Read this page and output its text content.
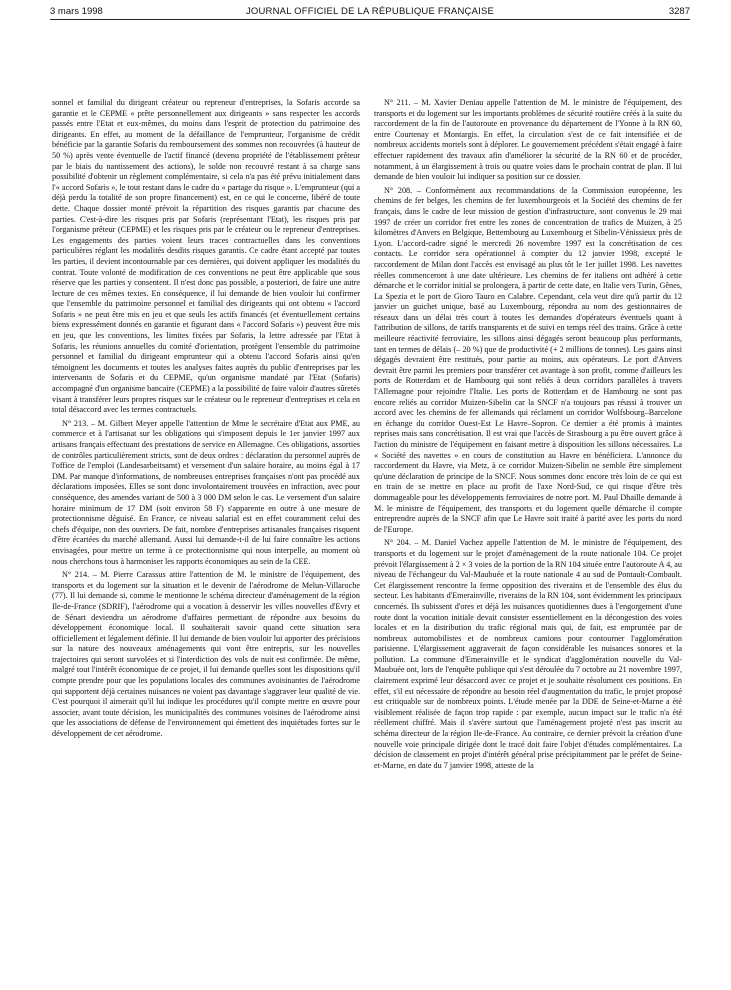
3 mars 1998	JOURNAL OFFICIEL DE LA RÉPUBLIQUE FRANÇAISE	3287

sonnel et familial du dirigeant créateur ou repreneur d'entreprises, la Sofaris accorde sa garantie et le CEPME « prête personnellement aux dirigeants » sans respecter les accords passés entre l'Etat et eux-mêmes, du moins dans l'esprit de protection du patrimoine des dirigeants. En effet, au moment de la défaillance de l'emprunteur, l'organisme de crédit bénéficie par la garantie Sofaris du remboursement des sommes non recouvrées (à hauteur de 50 %) après vente éventuelle de l'actif financé (devenu propriété de l'établissement prêteur par le biais du nantissement des actions), le solde non recouvré restant à sa charge sans possibilité d'obtenir un règlement complémentaire, si cela n'a pas été prévu initialement dans l'« accord Sofaris », le tout restant dans le cadre du « partage du risque ». L'emprunteur (qui a déjà perdu la totalité de son propre financement) est, en ce qui le concerne, libéré de toute dette. Chaque dossier monté prévoit la répartition des risques garantis par chacune des parties. C'est-à-dire les risques pris par Sofaris (représentant l'Etat), les risques pris par l'organisme prêteur (CEPME) et les risques pris par le créateur ou le repreneur d'entreprises. Les engagements des parties voient leurs traces contractuelles dans les conventions particulières réglant les modalités desdits risques garantis. Ce cadre étant accepté par toutes les parties, il devient incontournable par ces dernières, qui doivent appliquer les modalités du contrat. Toute volonté de modification de ces conventions ne peut être applicable que sous réserve que les parties y consentent. Il n'est donc pas possible, a posteriori, de faire une autre lecture de ces mêmes textes. En conséquence, il lui demande de bien vouloir lui confirmer que l'ensemble du patrimoine personnel et familial des dirigeants qui ont obtenu « l'accord Sofaris » ne peut être mis en jeu et que seuls les actifs financés (et éventuellement certains biens expressément donnés en garantie et figurant dans « l'accord Sofaris ») peuvent être mis en jeu, que les conventions, les limites fixées par Sofaris, la lettre adressée par l'Etat à Sofaris, les réunions annuelles du comité d'orientation, protègent l'ensemble du patrimoine personnel et familial du dirigeant emprunteur qui a obtenu l'accord Sofaris ainsi qu'en témoignent les documents et toutes les analyses faites auprès du public d'entreprises par les intervenants de Sofaris et du CEPME, qu'un organisme mandaté par l'Etat (Sofaris) accompagné d'un organisme bancaire (CEPME) a la possibilité de faire valoir d'autres sûretés visant à transférer leurs propres risques sur le créateur ou le repreneur d'entreprises et cela en total désaccord avec les termes contractuels.

N° 213. – M. Gilbert Meyer appelle l'attention de Mme le secrétaire d'Etat aux PME, au commerce et à l'artisanat sur les obligations qui s'imposent depuis le 1er janvier 1997 aux artisans français effectuant des prestations de service en Allemagne. Ces obligations, assorties de contrôles particulièrement stricts, sont de deux ordres : déclaration du personnel auprès de l'office de l'emploi (Landesarbeitsamt) et versement d'un salaire horaire, au moins égal à 17 DM. Par manque d'informations, de nombreuses entreprises françaises n'ont pas procédé aux déclarations imposées. Elles se sont donc involontairement trouvées en infraction, avec pour conséquence, des amendes variant de 500 à 3 000 DM selon le cas. Le versement d'un salaire horaire minimum de 17 DM (soit environ 58 F) s'apparente en outre à une mesure de protectionnisme déguisé. En France, ce niveau salarial est en effet couramment celui des chefs d'équipe, non des ouvriers. De fait, nombre d'entreprises artisanales françaises risquent d'être écartées du marché allemand. Aussi lui demande-t-il de lui faire connaître les actions envisagées, pour mettre un terme à ce protectionnisme qui nous interpelle, au moment où nous cherchons tous à harmoniser les rapports économiques au sein de la CEE.

N° 214. – M. Pierre Carassus attire l'attention de M. le ministre de l'équipement, des transports et du logement sur la situation et le devenir de l'aérodrome de Melun-Villaroche (77). Il lui demande si, comme le mentionne le schéma directeur d'aménagement de la région Ile-de-France (SDRIF), l'aérodrome qui a vocation à desservir les villes nouvelles d'Evry et de Sénart deviendra un aérodrome d'affaires permettant de répondre aux besoins du développement économique local. Il souhaiterait savoir quand cette situation sera officiellement et légalement définie. Il lui demande de bien vouloir lui apporter des précisions sur la nature des nouveaux aménagements qui vont être entrepris, sur les nouvelles trajectoires qui seront survolées et si l'interdiction des vols de nuit est confirmée. De même, malgré tout l'intérêt économique de ce projet, il lui demande quelles sont les dispositions qu'il compte prendre pour que les populations locales des communes avoisinantes de l'aérodrome qui supportent déjà certaines nuisances ne voient pas davantage s'aggraver leur qualité de vie. C'est pourquoi il aimerait qu'il lui indique les procédures qu'il compte mettre en œuvre pour associer, avant toute décision, les municipalités des communes voisines de l'aérodrome ainsi que les associations de défense de l'environnement qui émettent des inquiétudes fortes sur le développement de cet aérodrome.

N° 211. – M. Xavier Deniau appelle l'attention de M. le ministre de l'équipement, des transports et du logement sur les importants problèmes de sécurité routière créés à la suite du raccordement de la fin de l'autoroute en provenance du département de l'Yonne à la RN 60, entre Courtenay et Montargis. En effet, la circulation s'est de ce fait intensifiée et de nombreux accidents mortels sont à déplorer. Le gouvernement précédent s'était engagé à faire effectuer rapidement des travaux afin d'améliorer la sécurité de la RN 60 et de procéder, notamment, à un élargissement à trois ou quatre voies dans le prochain contrat de plan. Il lui demande de bien vouloir lui indiquer sa position sur ce dossier.

N° 208. – Conformément aux recommandations de la Commission européenne, les chemins de fer belges, les chemins de fer luxembourgeois et la Société des chemins de fer français, dans le cadre de leur mission de gestion d'infrastructure, sont convenus le 29 mai 1997 de créer un corridor fret entre les zones de concentration de trafics de Muizen, à 25 kilomètres d'Anvers en Belgique, Bettembourg au Luxembourg et Sibelin-Vénissieux près de Lyon. L'accord-cadre signé le mercredi 26 novembre 1997 est la concrétisation de ces contacts. Le corridor sera opérationnel à compter du 12 janvier 1998, excepté le raccordement de Milan dont l'accès est envisagé au plus tôt le 1er juillet 1998. Les navettes réelles commenceront à une date ultérieure. Les chemins de fer italiens ont adhéré à cette démarche et le corridor initial se prolongera, à partir de cette date, en Italie vers Turin, Gênes, La Spezia et le port de Gioro Tauro en Calabre. Cependant, cela veut dire qu'à partir du 12 janvier un guichet unique, basé au Luxembourg, répondra au nom des gestionnaires de réseaux dans un délai très court à toutes les demandes d'opérateurs éventuels quant à l'attribution de sillons, de tarifs transparents et de suivi en temps réel des trains. Grâce à cette meilleure réactivité ferroviaire, les sillons ainsi dégagés seront beaucoup plus performants, tant en termes de délais (– 20 %) que de productivité (+ 2 millions de tonnes). Les gains ainsi dégagés devraient être restitués, pour partie au moins, aux opérateurs. Le port d'Anvers devrait être parmi les premiers pour transférer cet avantage à son profit, comme d'ailleurs les ports de Rotterdam et de Hambourg qui sont reliés à deux corridors parallèles à travers l'Allemagne pour rejoindre l'Italie. Les ports de Rotterdam et de Hambourg ne sont pas encore reliés au corridor Muizen-Sibelin car la SNCF n'a toujours pas réussi à trouver un accord avec les chemins de fer allemands qui réclament un corridor Wolfsbourg–Barcelone en échange du corridor Ouest-Est Le Havre–Sopron. Ce dernier a été promis à maintes reprises mais sans concrétisation. Il est vrai que l'accès de Strasbourg a pu être ouvert grâce à l'action du ministre de l'équipement en faisant mettre à disposition les sillons nécessaires. La « Société des navettes » en cours de constitution au Havre en bénéficiera. L'annonce du raccordement du Havre, via Metz, à ce corridor Muizen-Sibelin ne semble être simplement qu'une déclaration de principe de la SNCF. Nous sommes donc encore très loin de ce qui est en train de se mettre en place au profit de l'axe Nord-Sud, ce qui risque d'être très dommageable pour les développements ferroviaires de notre port. M. Paul Dhaille demande à M. le ministre de l'équipement, des transports et du logement quelle démarche il compte entreprendre auprès de la SNCF afin que Le Havre soit traité à parité avec les ports du nord de l'Europe.

N° 204. – M. Daniel Vachez appelle l'attention de M. le ministre de l'équipement, des transports et du logement sur le projet d'aménagement de la route nationale 104. Ce projet prévoit l'élargissement à 2 × 3 voies de la portion de la RN 104 située entre l'autoroute A 4, au niveau de l'échangeur du Val-Maubuée et la route nationale 4 au sud de Pontault-Combault. Cet élargissement rencontre la ferme opposition des riverains et de l'ensemble des élus du secteur. Les habitants d'Emerainville, riverains de la RN 104, sont évidemment les principaux concernés. Ils subissent d'ores et déjà les nuisances quotidiennes dues à l'engorgement d'une route dont la vocation initiale devait consister essentiellement en la décongestion des voies locales et en la distribution du trafic régional mais qui, de fait, est empruntée par de nombreux automobilistes et de nombreux camions pour contourner l'agglomération parisienne. L'élargissement aggraverait de façon considérable les nuisances sonores et la pollution. La commune d'Emerainville et le syndicat d'agglomération nouvelle du Val-Maubuée ont, lors de l'enquête publique qui s'est déroulée du 7 octobre au 21 novembre 1997, clairement exprimé leur désaccord avec ce projet et je souhaite résolument ces positions. En effet, s'il est nécessaire de répondre au besoin réel d'augmentation du trafic, le projet proposé est critiquable sur de nombreux points. L'étude menée par la DDE de Seine-et-Marne a été visiblement réalisée de façon trop rapide : par exemple, aucun impact sur le trafic n'a été réellement chiffré. Mais il s'avère surtout que l'aménagement projeté n'est pas inscrit au schéma directeur de la région Ile-de-France. Au contraire, ce dernier prévoit la création d'une nouvelle voie principale dirigée dont le tracé doit faire l'objet d'études complémentaires. La décision de classement en projet d'intérêt général prise précipitamment par le préfet de Seine-et-Marne, en date du 7 janvier 1998, atteste de la
